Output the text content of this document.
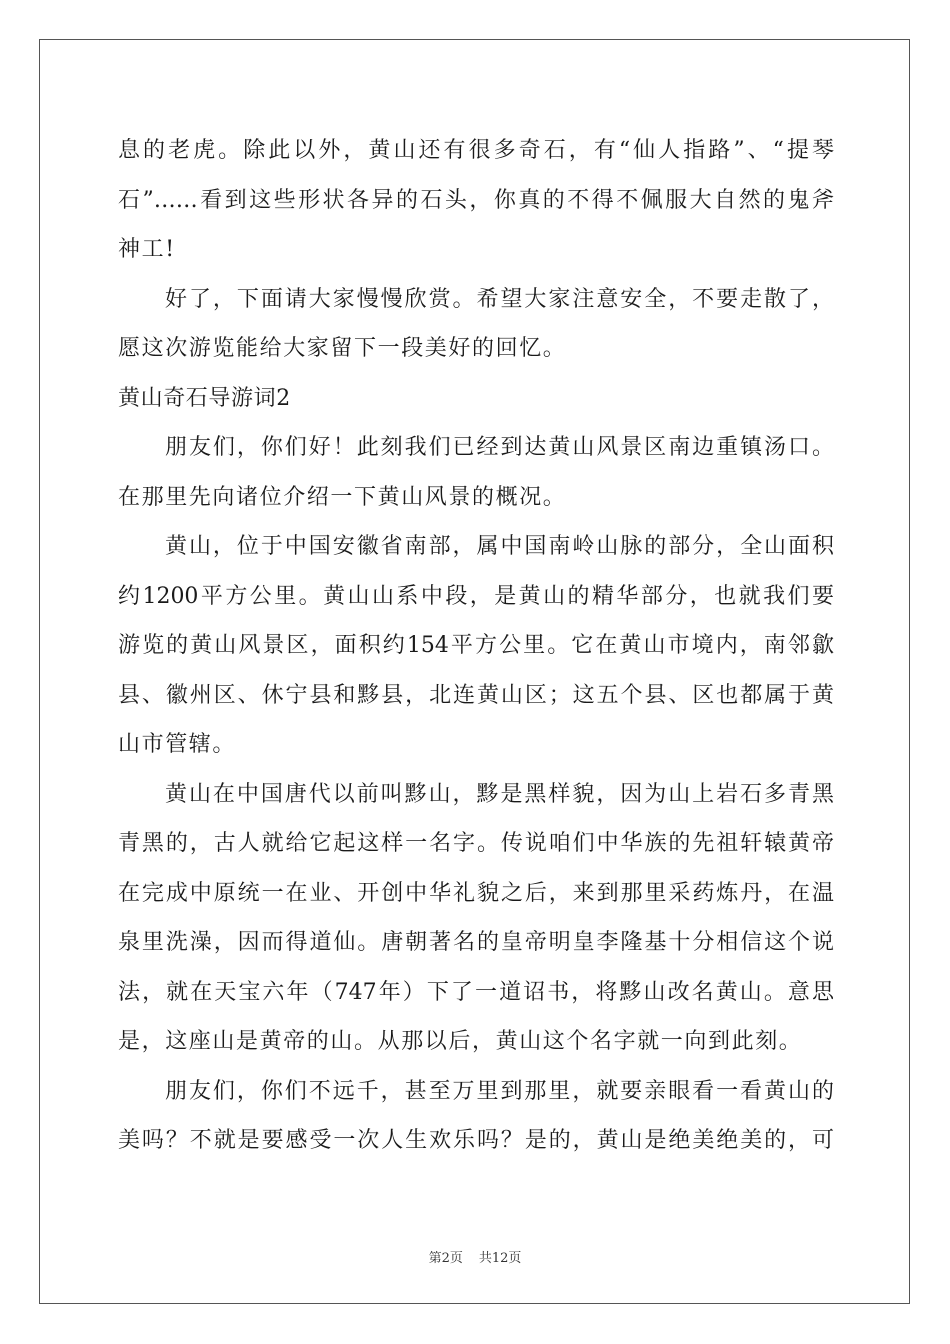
息的老虎。除此以外，黄山还有很多奇石，有“仙人指路”、“提琴
石”……看到这些形状各异的石头，你真的不得不佩服大自然的鬼斧
神工!
好了，下面请大家慢慢欣赏。希望大家注意安全，不要走散了，
愿这次游览能给大家留下一段美好的回忆。
黄山奇石导游词2
朋友们，你们好！此刻我们已经到达黄山风景区南边重镇汤口。
在那里先向诸位介绍一下黄山风景的概况。
黄山，位于中国安徽省南部，属中国南岭山脉的部分，全山面积
约1200平方公里。黄山山系中段，是黄山的精华部分，也就我们要
游览的黄山风景区，面积约154平方公里。它在黄山市境内，南邻歙
县、徽州区、休宁县和黟县，北连黄山区；这五个县、区也都属于黄
山市管辖。
黄山在中国唐代以前叫黟山，黟是黑样貌，因为山上岩石多青黑
青黑的，古人就给它起这样一名字。传说咱们中华族的先祖轩辕黄帝
在完成中原统一在业、开创中华礼貌之后，来到那里采药炼丹，在温
泉里洗澡，因而得道仙。唐朝著名的皇帝明皇李隆基十分相信这个说
法，就在天宝六年（747年）下了一道诏书，将黟山改名黄山。意思
是，这座山是黄帝的山。从那以后，黄山这个名字就一向到此刻。
朋友们，你们不远千，甚至万里到那里，就要亲眼看一看黄山的
美吗？不就是要感受一次人生欢乐吗？是的，黄山是绝美绝美的，可
第2页 共12页
